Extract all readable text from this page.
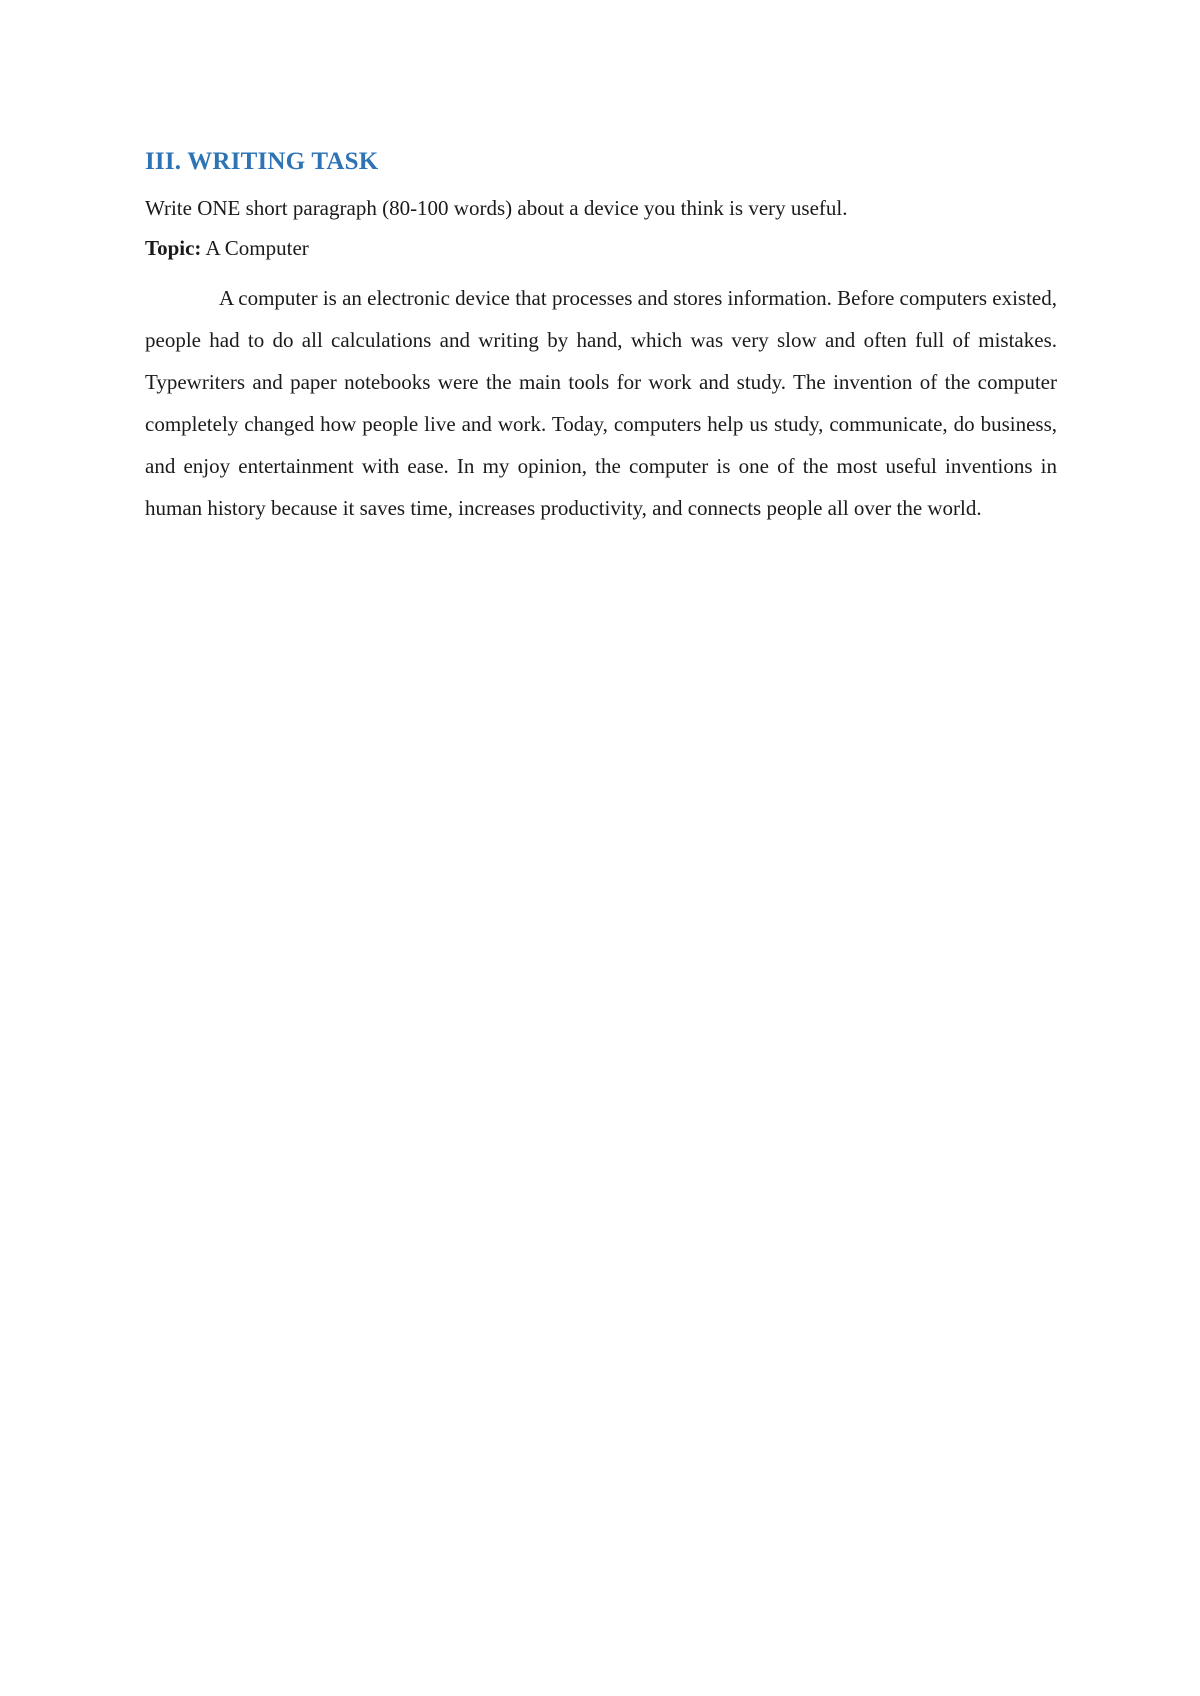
III. WRITING TASK

Write ONE short paragraph (80-100 words) about a device you think is very useful.

Topic: A Computer

A computer is an electronic device that processes and stores information. Before computers existed, people had to do all calculations and writing by hand, which was very slow and often full of mistakes. Typewriters and paper notebooks were the main tools for work and study. The invention of the computer completely changed how people live and work. Today, computers help us study, communicate, do business, and enjoy entertainment with ease. In my opinion, the computer is one of the most useful inventions in human history because it saves time, increases productivity, and connects people all over the world.
